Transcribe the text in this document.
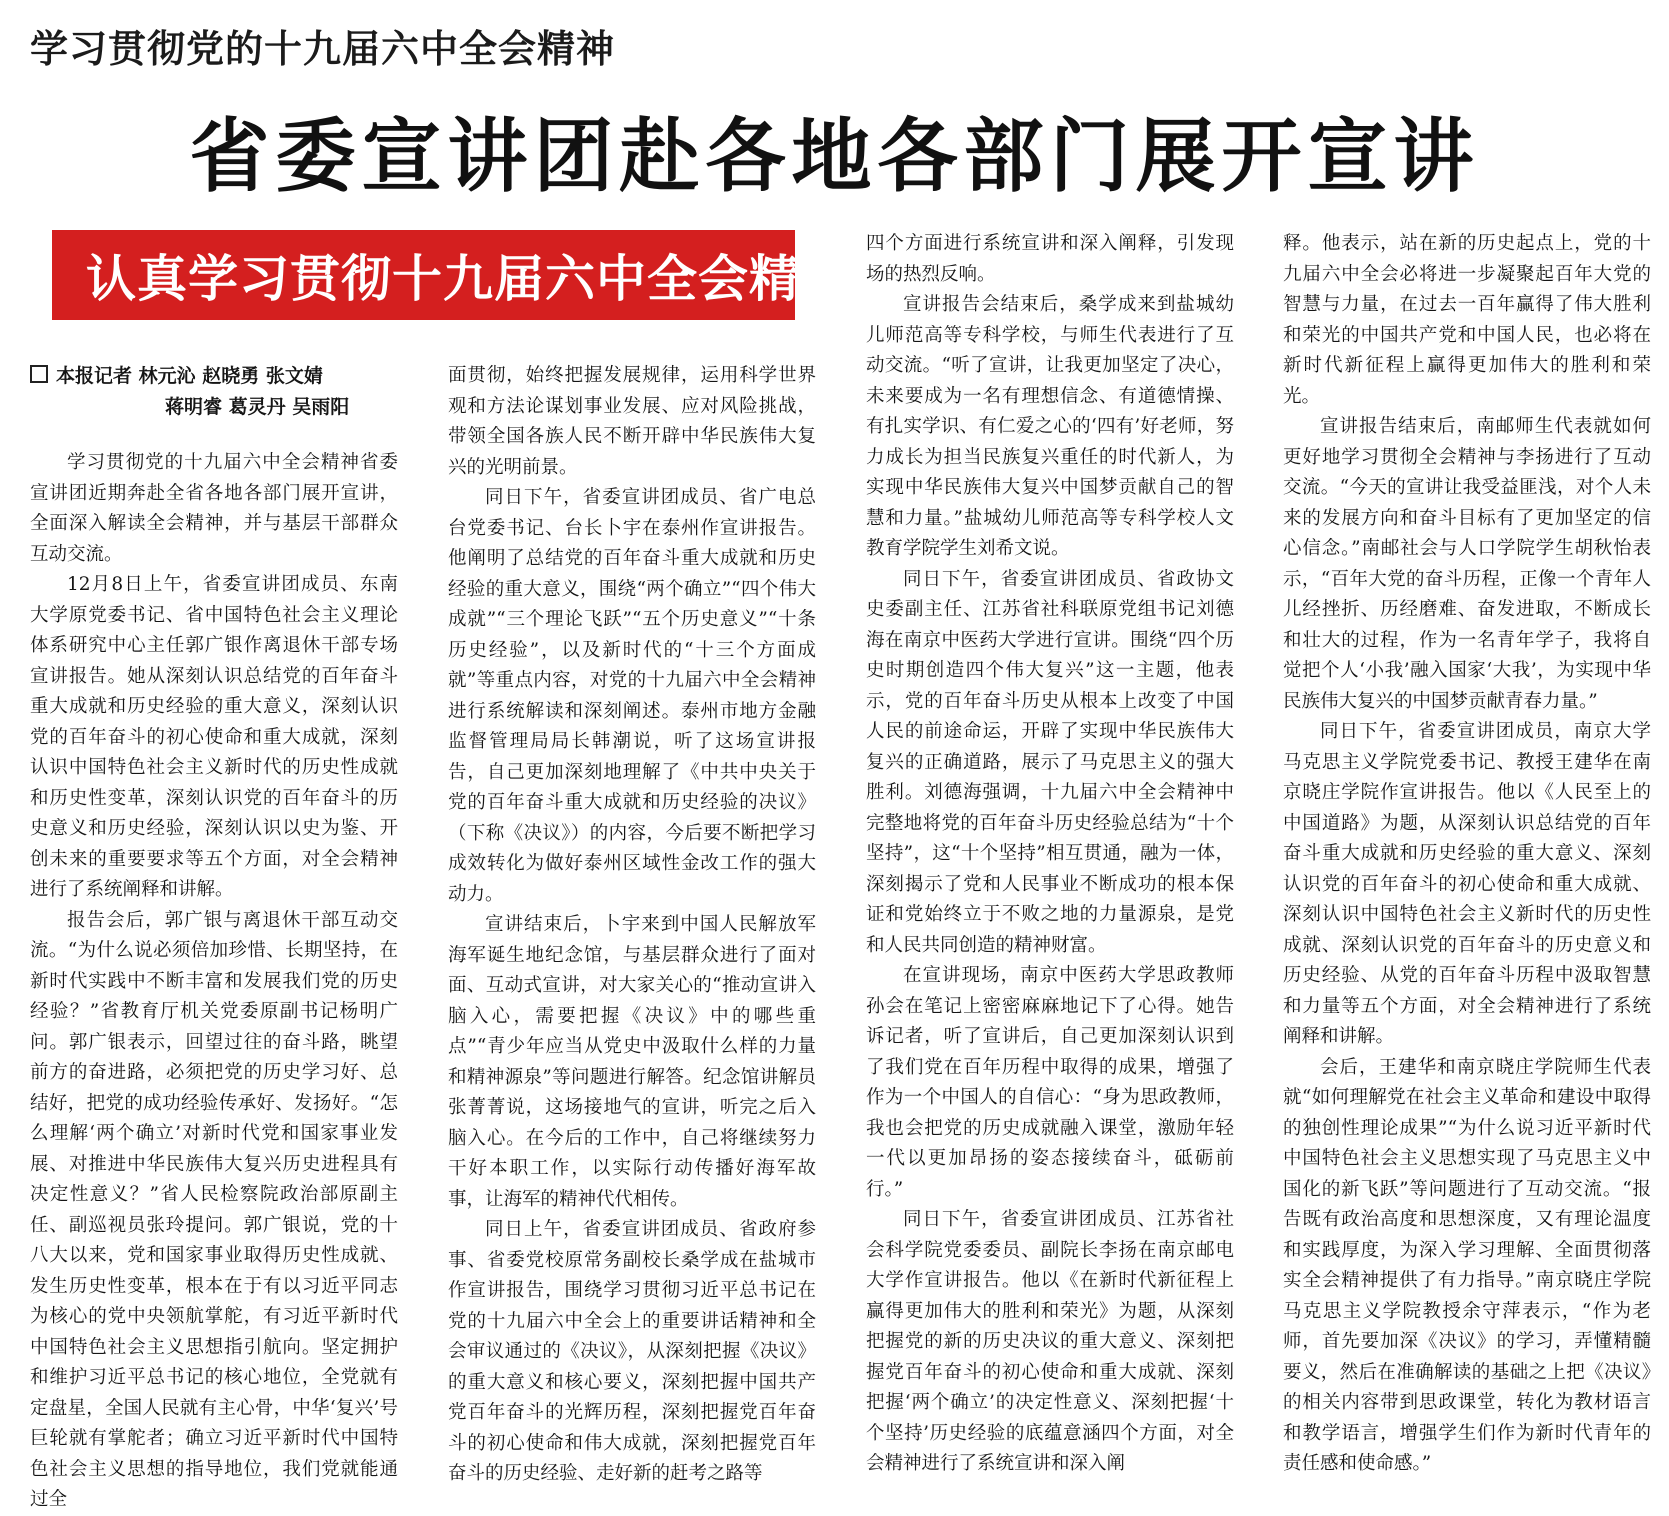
学习贯彻党的十九届六中全会精神
省委宣讲团赴各地各部门展开宣讲
认真学习贯彻十九届六中全会精神
本报记者 林元沁 赵晓勇 张文婧
蒋明睿 葛灵丹 吴雨阳

学习贯彻党的十九届六中全会精神省委宣讲团近期奔赴全省各地各部门展开宣讲，全面深入解读全会精神，并与基层干部群众互动交流。

12月8日上午，省委宣讲团成员、东南大学原党委书记、省中国特色社会主义理论体系研究中心主任郭广银作离退休干部专场宣讲报告。她从深刻认识总结党的百年奋斗重大成就和历史经验的重大意义，深刻认识党的百年奋斗的初心使命和重大成就，深刻认识中国特色社会主义新时代的历史性成就和历史性变革，深刻认识党的百年奋斗的历史意义和历史经验，深刻认识以史为鉴、开创未来的重要要求等五个方面，对全会精神进行了系统阐释和讲解。

报告会后，郭广银与离退休干部互动交流。“为什么说必须倍加珍惜、长期坚持，在新时代实践中不断丰富和发展我们党的历史经验？”省教育厅机关党委原副书记杨明广问。郭广银表示，回望过往的奋斗路，眺望前方的奋进路，必须把党的历史学习好、总结好，把党的成功经验传承好、发扬好。“怎么理解‘两个确立’对新时代党和国家事业发展、对推进中华民族伟大复兴历史进程具有决定性意义？”省人民检察院政治部原副主任、副巡视员张玲提问。郭广银说，党的十八大以来，党和国家事业取得历史性成就、发生历史性变革，根本在于有以习近平同志为核心的党中央领航掌舵，有习近平新时代中国特色社会主义思想指引航向。坚定拥护和维护习近平总书记的核心地位，全党就有定盘星，全国人民就有主心骨，中华‘复兴’号巨轮就有掌舵者；确立习近平新时代中国特色社会主义思想的指导地位，我们党就能通过全

面贯彻，始终把握发展规律，运用科学世界观和方法论谋划事业发展、应对风险挑战，带领全国各族人民不断开辟中华民族伟大复兴的光明前景。

同日下午，省委宣讲团成员、省广电总台党委书记、台长卜宇在泰州作宣讲报告。他阐明了总结党的百年奋斗重大成就和历史经验的重大意义，围绕“两个确立”“四个伟大成就”“三个理论飞跃”“五个历史意义”“十条历史经验”，以及新时代的“十三个方面成就”等重点内容，对党的十九届六中全会精神进行系统解读和深刻阐述。泰州市地方金融监督管理局局长韩潮说，听了这场宣讲报告，自己更加深刻地理解了《中共中央关于党的百年奋斗重大成就和历史经验的决议》（下称《决议》）的内容，今后要不断把学习成效转化为做好泰州区域性金改工作的强大动力。

宣讲结束后，卜宇来到中国人民解放军海军诞生地纪念馆，与基层群众进行了面对面、互动式宣讲，对大家关心的“推动宣讲入脑入心，需要把握《决议》中的哪些重点”“青少年应当从党史中汲取什么样的力量和精神源泉”等问题进行解答。纪念馆讲解员张菁菁说，这场接地气的宣讲，听完之后入脑入心。在今后的工作中，自己将继续努力干好本职工作，以实际行动传播好海军故事，让海军的精神代代相传。

同日上午，省委宣讲团成员、省政府参事、省委党校原常务副校长桑学成在盐城市作宣讲报告，围绕学习贯彻习近平总书记在党的十九届六中全会上的重要讲话精神和全会审议通过的《决议》，从深刻把握《决议》的重大意义和核心要义，深刻把握中国共产党百年奋斗的光辉历程，深刻把握党百年奋斗的初心使命和伟大成就，深刻把握党百年奋斗的历史经验、走好新的赶考之路等

四个方面进行系统宣讲和深入阐释，引发现场的热烈反响。

宣讲报告会结束后，桑学成来到盐城幼儿师范高等专科学校，与师生代表进行了互动交流。“听了宣讲，让我更加坚定了决心，未来要成为一名有理想信念、有道德情操、有扎实学识、有仁爱之心的‘四有’好老师，努力成长为担当民族复兴重任的时代新人，为实现中华民族伟大复兴中国梦贡献自己的智慧和力量。”盐城幼儿师范高等专科学校人文教育学院学生刘希文说。

同日下午，省委宣讲团成员、省政协文史委副主任、江苏省社科联原党组书记刘德海在南京中医药大学进行宣讲。围绕“四个历史时期创造四个伟大复兴”这一主题，他表示，党的百年奋斗历史从根本上改变了中国人民的前途命运，开辟了实现中华民族伟大复兴的正确道路，展示了马克思主义的强大胜利。刘德海强调，十九届六中全会精神中完整地将党的百年奋斗历史经验总结为“十个坚持”，这“十个坚持”相互贯通，融为一体，深刻揭示了党和人民事业不断成功的根本保证和党始终立于不败之地的力量源泉，是党和人民共同创造的精神财富。

在宣讲现场，南京中医药大学思政教师孙会在笔记上密密麻麻地记下了心得。她告诉记者，听了宣讲后，自己更加深刻认识到了我们党在百年历程中取得的成果，增强了作为一个中国人的自信心：“身为思政教师，我也会把党的历史成就融入课堂，激励年轻一代以更加昂扬的姿态接续奋斗，砥砺前行。”

同日下午，省委宣讲团成员、江苏省社会科学院党委委员、副院长李扬在南京邮电大学作宣讲报告。他以《在新时代新征程上赢得更加伟大的胜利和荣光》为题，从深刻把握党的新的历史决议的重大意义、深刻把握党百年奋斗的初心使命和重大成就、深刻把握‘两个确立’的决定性意义、深刻把握‘十个坚持’历史经验的底蕴意涵四个方面，对全会精神进行了系统宣讲和深入阐

释。他表示，站在新的历史起点上，党的十九届六中全会必将进一步凝聚起百年大党的智慧与力量，在过去一百年赢得了伟大胜利和荣光的中国共产党和中国人民，也必将在新时代新征程上赢得更加伟大的胜利和荣光。

宣讲报告结束后，南邮师生代表就如何更好地学习贯彻全会精神与李扬进行了互动交流。“今天的宣讲让我受益匪浅，对个人未来的发展方向和奋斗目标有了更加坚定的信心信念。”南邮社会与人口学院学生胡秋怡表示，“百年大党的奋斗历程，正像一个青年人儿经挫折、历经磨难、奋发进取，不断成长和壮大的过程，作为一名青年学子，我将自觉把个人‘小我’融入国家‘大我’，为实现中华民族伟大复兴的中国梦贡献青春力量。”

同日下午，省委宣讲团成员，南京大学马克思主义学院党委书记、教授王建华在南京晓庄学院作宣讲报告。他以《人民至上的中国道路》为题，从深刻认识总结党的百年奋斗重大成就和历史经验的重大意义、深刻认识党的百年奋斗的初心使命和重大成就、深刻认识中国特色社会主义新时代的历史性成就、深刻认识党的百年奋斗的历史意义和历史经验、从党的百年奋斗历程中汲取智慧和力量等五个方面，对全会精神进行了系统阐释和讲解。

会后，王建华和南京晓庄学院师生代表就“如何理解党在社会主义革命和建设中取得的独创性理论成果”“为什么说习近平新时代中国特色社会主义思想实现了马克思主义中国化的新飞跃”等问题进行了互动交流。“报告既有政治高度和思想深度，又有理论温度和实践厚度，为深入学习理解、全面贯彻落实全会精神提供了有力指导。”南京晓庄学院马克思主义学院教授余守萍表示，“作为老师，首先要加深《决议》的学习，弄懂精髓要义，然后在准确解读的基础之上把《决议》的相关内容带到思政课堂，转化为教材语言和教学语言，增强学生们作为新时代青年的责任感和使命感。”
